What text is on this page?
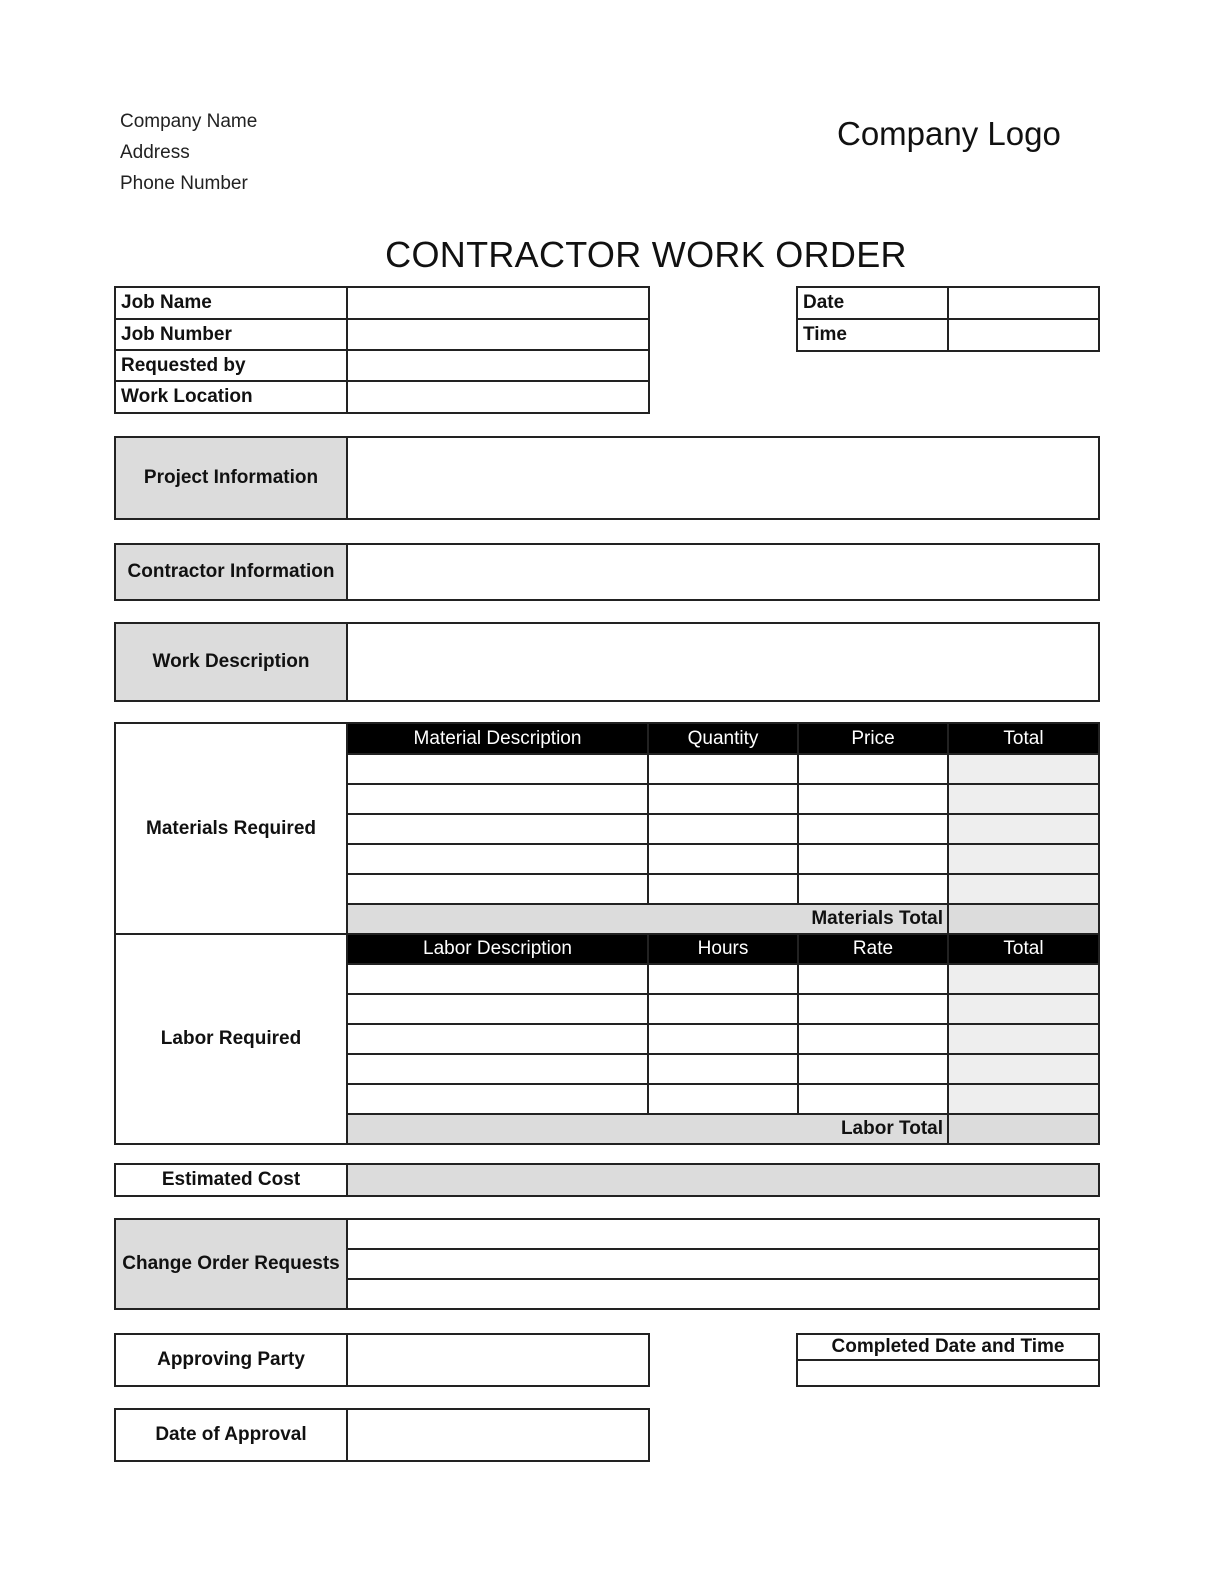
Company Name
Address
Phone Number
Company Logo
CONTRACTOR WORK ORDER
Job Name	
Job Number	
Requested by	
Work Location	
Date	
Time	
Project Information	
Contractor Information	
Work Description	
Materials Required	Material Description	Quantity	Price	Total

	Materials Total			
Labor Required	Labor Description	Hours	Rate	Total

	Labor Total			
Estimated Cost	
Change Order Requests	

Approving Party	
Completed Date and Time

Date of Approval	
